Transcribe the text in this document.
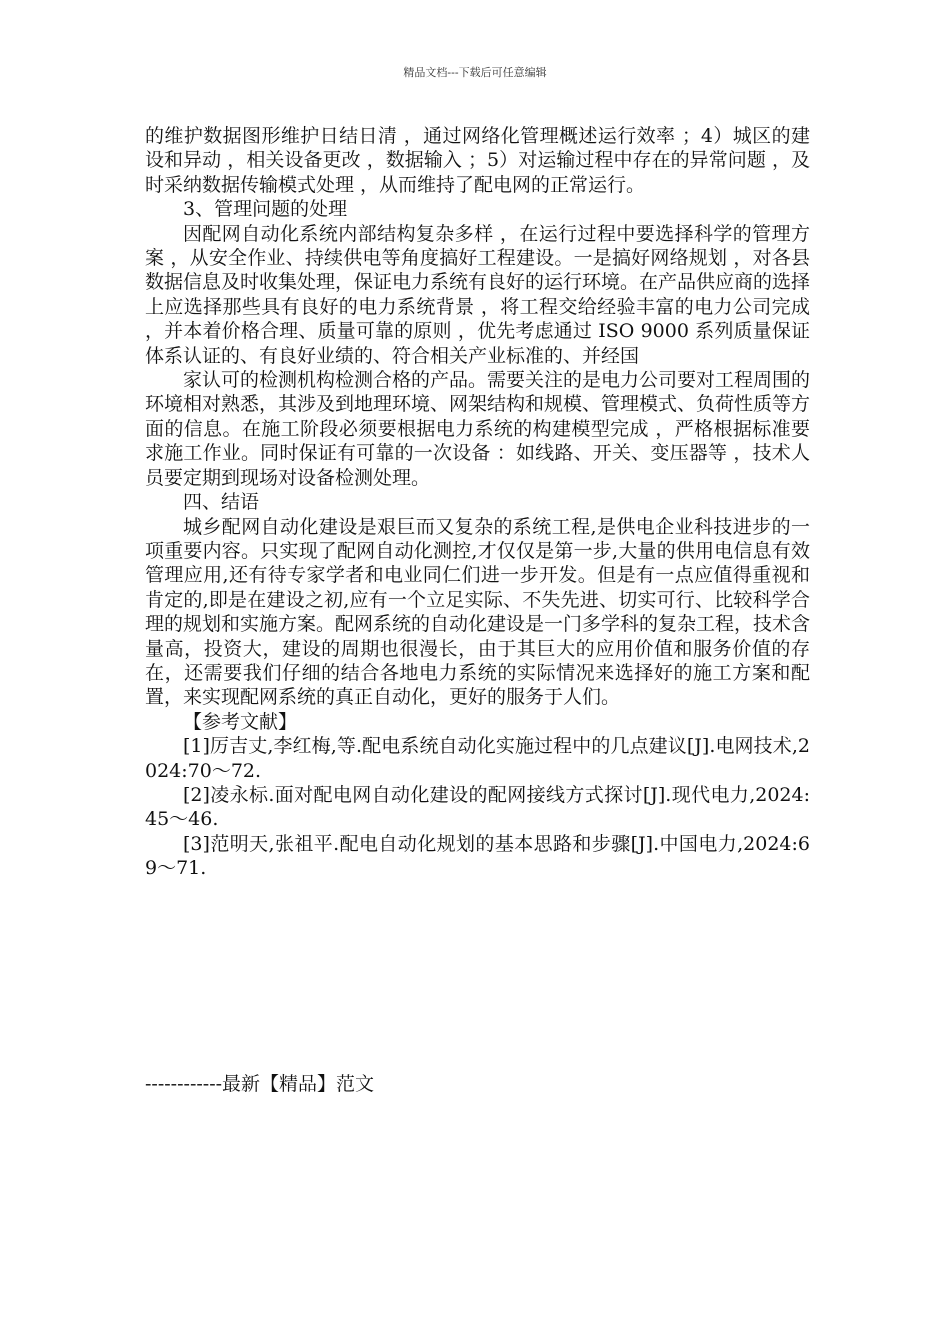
精品文档---下载后可任意编辑

的维护数据图形维护日结日清 ，通过网络化管理概述运行效率 ；4）城区的建设和异动 ，相关设备更改 ，数据输入 ；5）对运输过程中存在的异常问题 ，及时采纳数据传输模式处理 ，从而维持了配电网的正常运行。

3、管理问题的处理

因配网自动化系统内部结构复杂多样 ，在运行过程中要选择科学的管理方案 ，从安全作业、持续供电等角度搞好工程建设。一是搞好网络规划 ，对各县数据信息及时收集处理，保证电力系统有良好的运行环境。在产品供应商的选择上应选择那些具有良好的电力系统背景 ，将工程交给经验丰富的电力公司完成 ，并本着价格合理、质量可靠的原则 ，优先考虑通过 ISO 9000 系列质量保证体系认证的、有良好业绩的、符合相关产业标准的、并经国

家认可的检测机构检测合格的产品。需要关注的是电力公司要对工程周围的环境相对熟悉，其涉及到地理环境、网架结构和规模、管理模式、负荷性质等方面的信息。在施工阶段必须要根据电力系统的构建模型完成 ，严格根据标准要求施工作业。同时保证有可靠的一次设备 ：如线路、开关、变压器等 ，技术人员要定期到现场对设备检测处理。

四、结语

城乡配网自动化建设是艰巨而又复杂的系统工程,是供电企业科技进步的一项重要内容。只实现了配网自动化测控,才仅仅是第一步,大量的供用电信息有效管理应用,还有待专家学者和电业同仁们进一步开发。但是有一点应值得重视和肯定的,即是在建设之初,应有一个立足实际、不失先进、切实可行、比较科学合理的规划和实施方案。配网系统的自动化建设是一门多学科的复杂工程，技术含量高，投资大，建设的周期也很漫长，由于其巨大的应用价值和服务价值的存在，还需要我们仔细的结合各地电力系统的实际情况来选择好的施工方案和配置，来实现配网系统的真正自动化，更好的服务于人们。

【参考文献】

[1]厉吉丈,李红梅,等.配电系统自动化实施过程中的几点建议[J].电网技术,2024:70～72.

[2]凌永标.面对配电网自动化建设的配网接线方式探讨[J].现代电力,2024:45～46.

[3]范明天,张祖平.配电自动化规划的基本思路和步骤[J].中国电力,2024:69～71.

------------最新【精品】范文
